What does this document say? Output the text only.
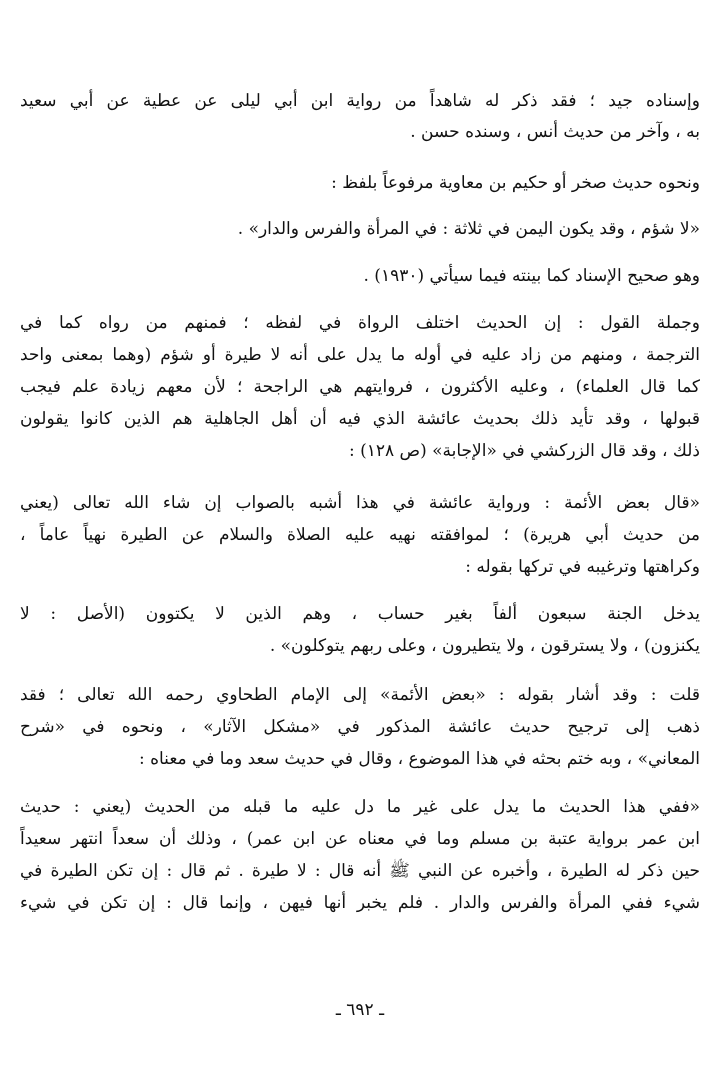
وإسناده جيد ؛ فقد ذكر له شاهداً من رواية ابن أبي ليلى عن عطية عن أبي سعيد
به ، وآخر من حديث أنس ، وسنده حسن .
ونحوه حديث صخر أو حكيم بن معاوية مرفوعاً بلفظ :
«لا شؤم ، وقد يكون اليمن في ثلاثة : في المرأة والفرس والدار» .
وهو صحيح الإسناد كما بينته فيما سيأتي (١٩٣٠) .
وجملة القول : إن الحديث اختلف الرواة في لفظه ؛ فمنهم من رواه كما في
الترجمة ، ومنهم من زاد عليه في أوله ما يدل على أنه لا طيرة أو شؤم (وهما بمعنى واحد
كما قال العلماء) ، وعليه الأكثرون ، فروايتهم هي الراجحة ؛ لأن معهم زيادة علم فيجب
قبولها ، وقد تأيد ذلك بحديث عائشة الذي فيه أن أهل الجاهلية هم الذين كانوا يقولون
ذلك ، وقد قال الزركشي في «الإجابة» (ص ١٢٨) :
«قال بعض الأئمة : ورواية عائشة في هذا أشبه بالصواب إن شاء الله تعالى (يعني
من حديث أبي هريرة) ؛ لموافقته نهيه عليه الصلاة والسلام عن الطيرة نهياً عاماً ،
وكراهتها وترغيبه في تركها بقوله :
يدخل الجنة سبعون ألفاً بغير حساب ، وهم الذين لا يكتوون (الأصل : لا
يكنزون) ، ولا يسترقون ، ولا يتطيرون ، وعلى ربهم يتوكلون» .
قلت : وقد أشار بقوله : «بعض الأئمة» إلى الإمام الطحاوي رحمه الله تعالى ؛ فقد
ذهب إلى ترجيح حديث عائشة المذكور في «مشكل الآثار» ، ونحوه في «شرح
المعاني» ، وبه ختم بحثه في هذا الموضوع ، وقال في حديث سعد وما في معناه :
«ففي هذا الحديث ما يدل على غير ما دل عليه ما قبله من الحديث (يعني : حديث
ابن عمر برواية عتبة بن مسلم وما في معناه عن ابن عمر) ، وذلك أن سعداً انتهر سعيداً
حين ذكر له الطيرة ، وأخبره عن النبي ﷺ أنه قال : لا طيرة . ثم قال : إن تكن الطيرة في
شيء ففي المرأة والفرس والدار . فلم يخبر أنها فيهن ، وإنما قال : إن تكن في شيء
ـ ٦٩٢ ـ
